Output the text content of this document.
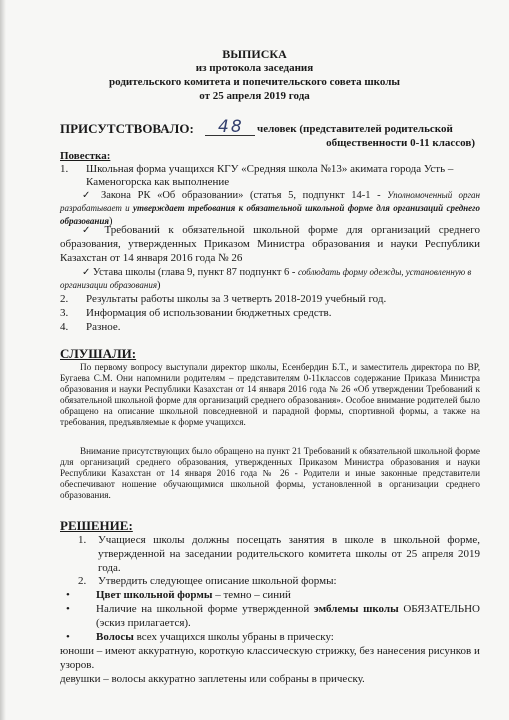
ВЫПИСКА
из протокола заседания
родительского комитета и попечительского совета школы
от 25 апреля 2019 года
ПРИСУТСТВОВАЛО: 48 человек (представителей родительской
общественности 0-11 классов)
Повестка:
1.	Школьная форма учащихся КГУ «Средняя школа №13» акимата города Усть – Каменогорска как выполнение
✓ Закона РК «Об образовании» (статья 5, подпункт 14-1 - Уполномоченный орган разрабатывает и утверждает требования к обязательной школьной форме для организаций среднего образования)
✓ Требований к обязательной школьной форме для организаций среднего образования, утвержденных Приказом Министра образования и науки Республики Казахстан от 14 января 2016 года № 26
✓ Устава школы (глава 9, пункт 87 подпункт 6 - соблюдать форму одежды, установленную в организации образования)
2.	Результаты работы школы за 3 четверть 2018-2019 учебный год.
3.	Информация об использовании бюджетных средств.
4.	Разное.
СЛУШАЛИ:
По первому вопросу выступали директор школы, Есенбердин Б.Т., и заместитель директора по ВР, Бугаева С.М. Они напомнили родителям – представителям 0-11классов содержание Приказа Министра образования и науки Республики Казахстан от 14 января 2016 года № 26 «Об утверждении Требований к обязательной школьной форме для организаций среднего образования». Особое внимание родителей было обращено на описание школьной повседневной и парадной формы, спортивной формы, а также на требования, предъявляемые к форме учащихся.
Внимание присутствующих было обращено на пункт 21 Требований к обязательной школьной форме для организаций среднего образования, утвержденных Приказом Министра образования и науки Республики Казахстан от 14 января 2016 года № 26 - Родители и иные законные представители обеспечивают ношение обучающимися школьной формы, установленной в организации среднего образования.
РЕШЕНИЕ:
1.	Учащиеся школы должны посещать занятия в школе в школьной форме, утвержденной на заседании родительского комитета школы от 25 апреля 2019 года.
2.	Утвердить следующее описание школьной формы:
•	Цвет школьной формы – темно – синий
•	Наличие на школьной форме утвержденной эмблемы школы ОБЯЗАТЕЛЬНО (эскиз прилагается).
•	Волосы всех учащихся школы убраны в прическу:
юноши – имеют аккуратную, короткую классическую стрижку, без нанесения рисунков и узоров.
девушки – волосы аккуратно заплетены или собраны в прическу.
